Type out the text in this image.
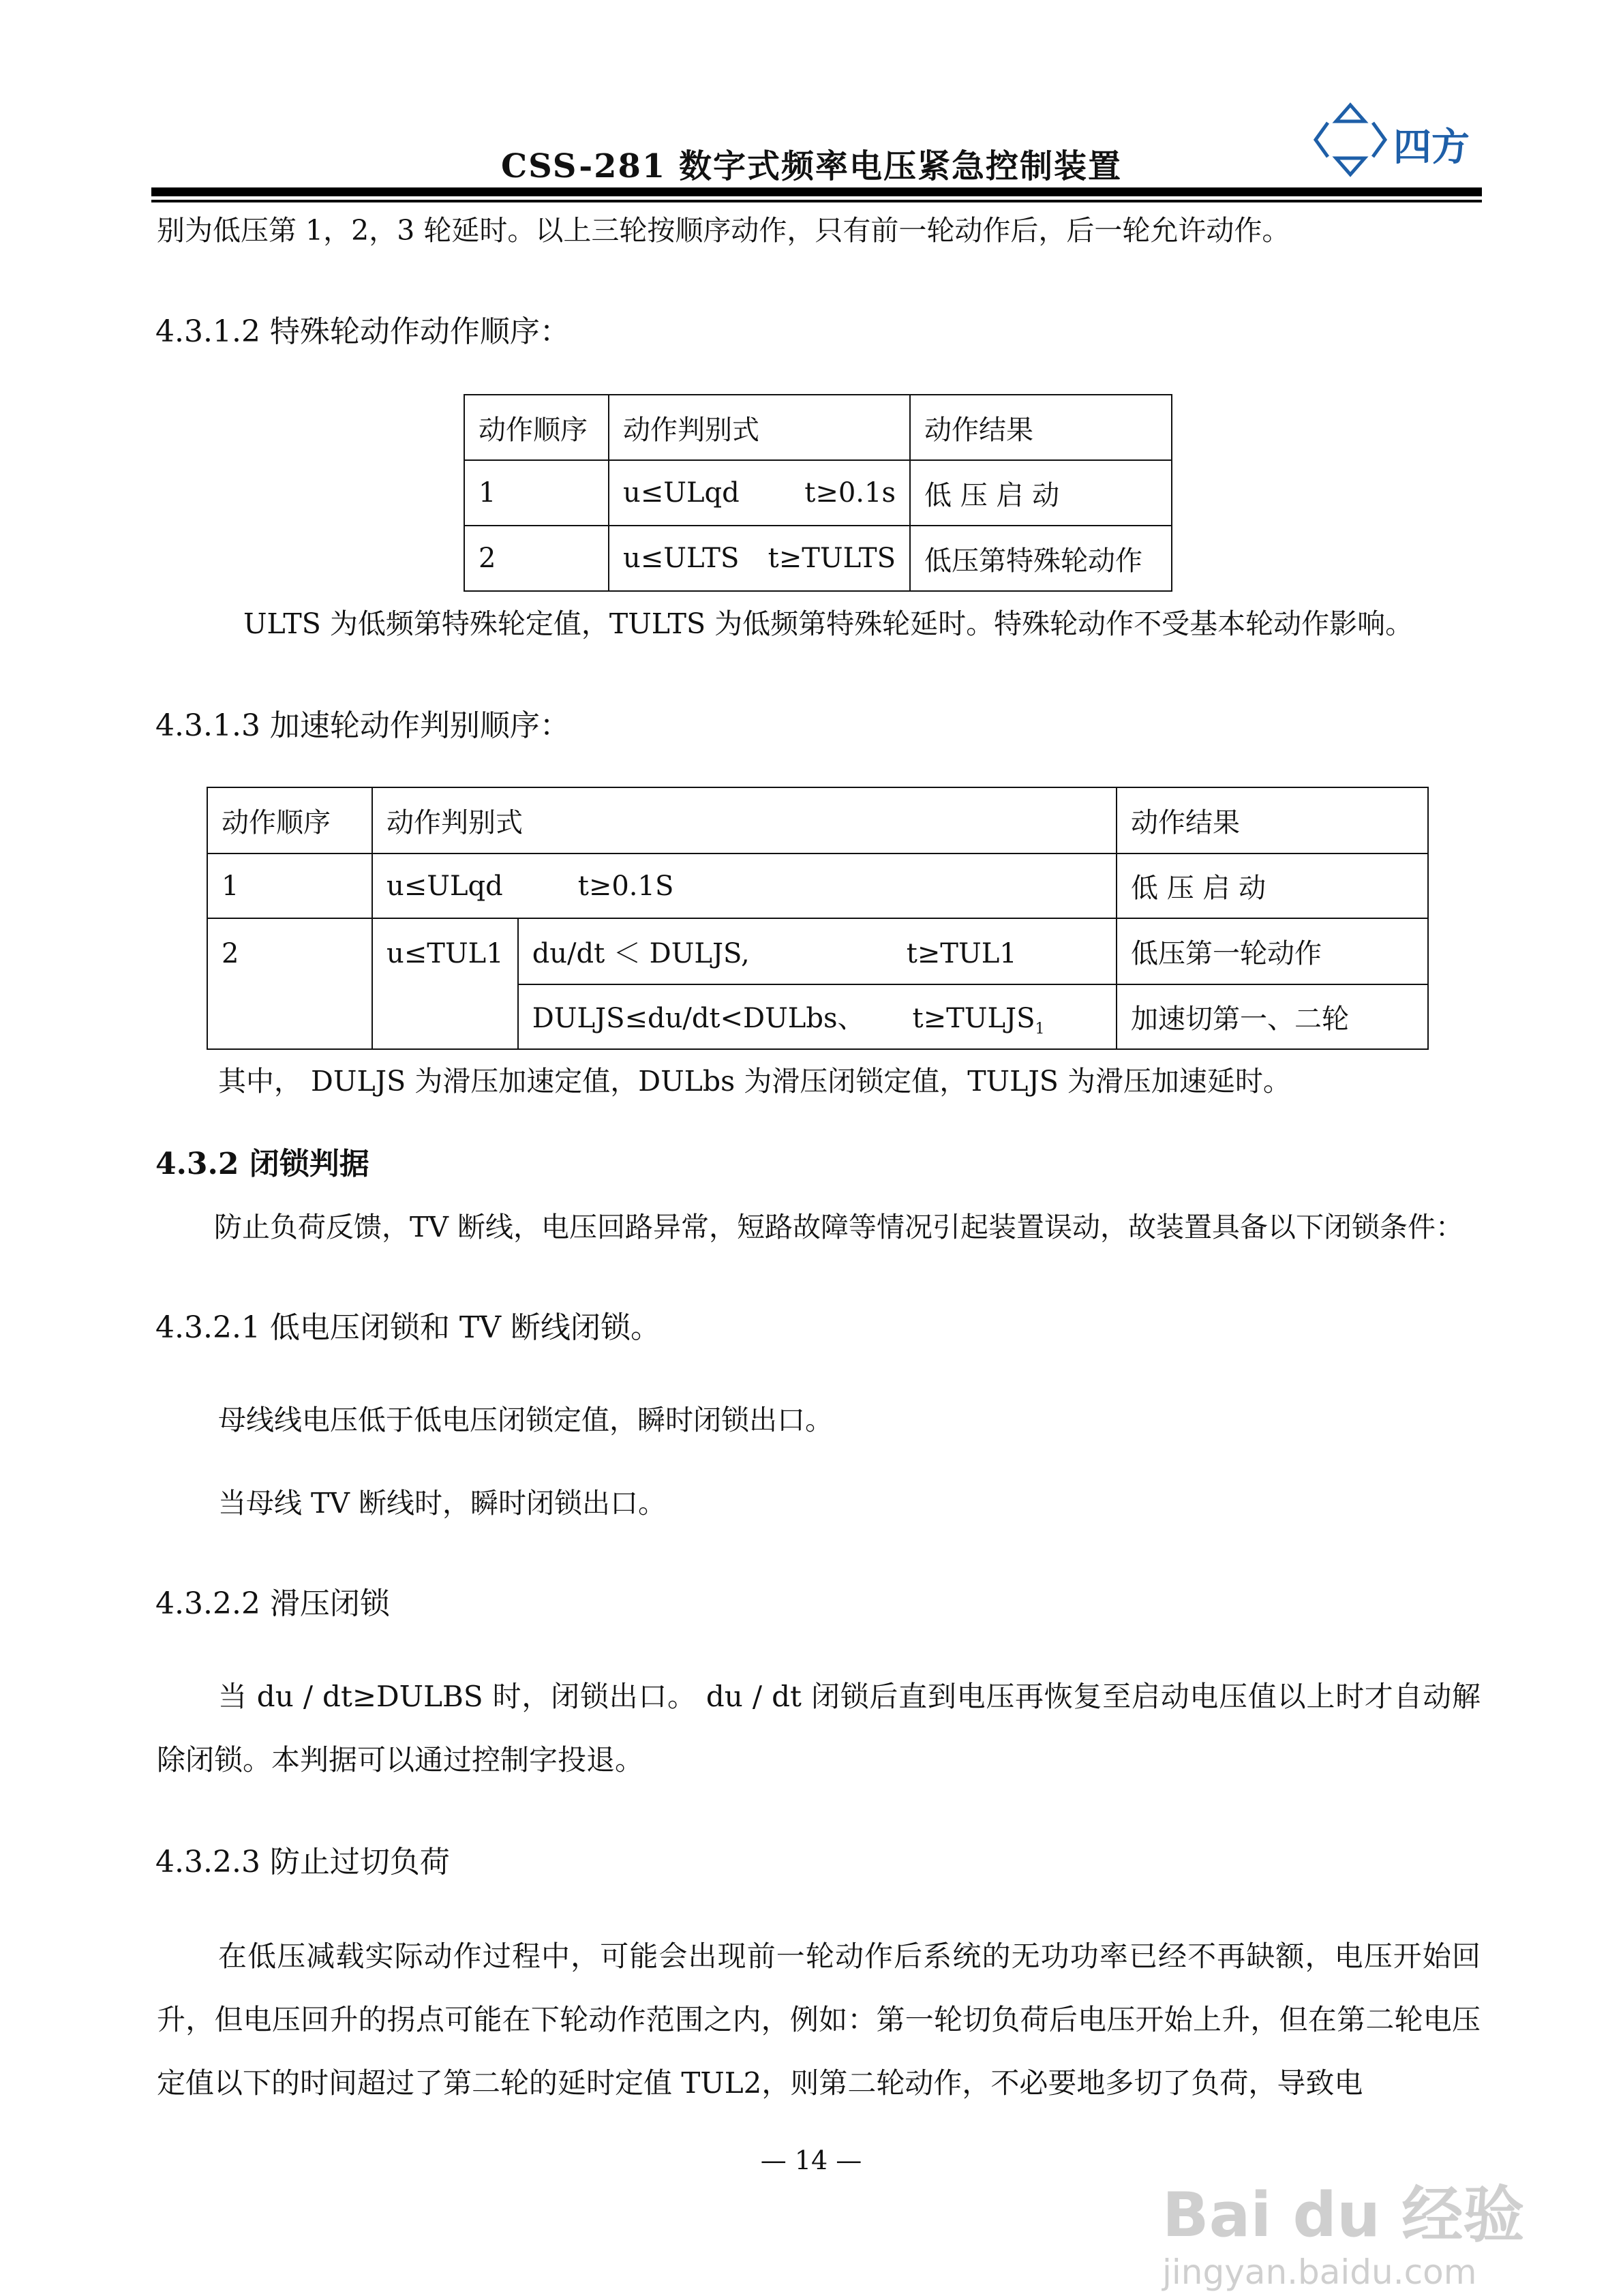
CSS-281 数字式频率电压紧急控制装置	四方
别为低压第 1，2，3 轮延时。以上三轮按顺序动作，只有前一轮动作后，后一轮允许动作。
4.3.1.2 特殊轮动作动作顺序：
动作顺序	动作判别式	动作结果
1	u≤ULqd t≥0.1s	低 压 启 动
2	u≤ULTS t≥TULTS	低压第特殊轮动作
ULTS 为低频第特殊轮定值，TULTS 为低频第特殊轮延时。特殊轮动作不受基本轮动作影响。
4.3.1.3 加速轮动作判别顺序：
动作顺序	动作判别式		动作结果
1	u≤ULqd t≥0.1S		低 压 启 动
2	u≤TUL1	du/dt ＜ DULJS, t≥TUL1	低压第一轮动作
		DULJS≤du/dt<DULbs、 $t\ge TULJS_1$	加速切第一、二轮
其中， DULJS 为滑压加速定值，DULbs 为滑压闭锁定值，TULJS 为滑压加速延时。
4.3.2 闭锁判据
防止负荷反馈，TV 断线，电压回路异常，短路故障等情况引起装置误动，故装置具备以下闭锁条件：
4.3.2.1 低电压闭锁和 TV 断线闭锁。
母线线电压低于低电压闭锁定值，瞬时闭锁出口。
当母线 TV 断线时，瞬时闭锁出口。
4.3.2.2 滑压闭锁
当 du / dt≥DULBS 时，闭锁出口。 du / dt 闭锁后直到电压再恢复至启动电压值以上时才自动解除闭锁。本判据可以通过控制字投退。
4.3.2.3 防止过切负荷
在低压减载实际动作过程中，可能会出现前一轮动作后系统的无功功率已经不再缺额，电压开始回升，但电压回升的拐点可能在下轮动作范围之内，例如：第一轮切负荷后电压开始上升，但在第二轮电压定值以下的时间超过了第二轮的延时定值 TUL2，则第二轮动作，不必要地多切了负荷，导致电
— 14 —
Bai du 经验
jingyan.baidu.com
